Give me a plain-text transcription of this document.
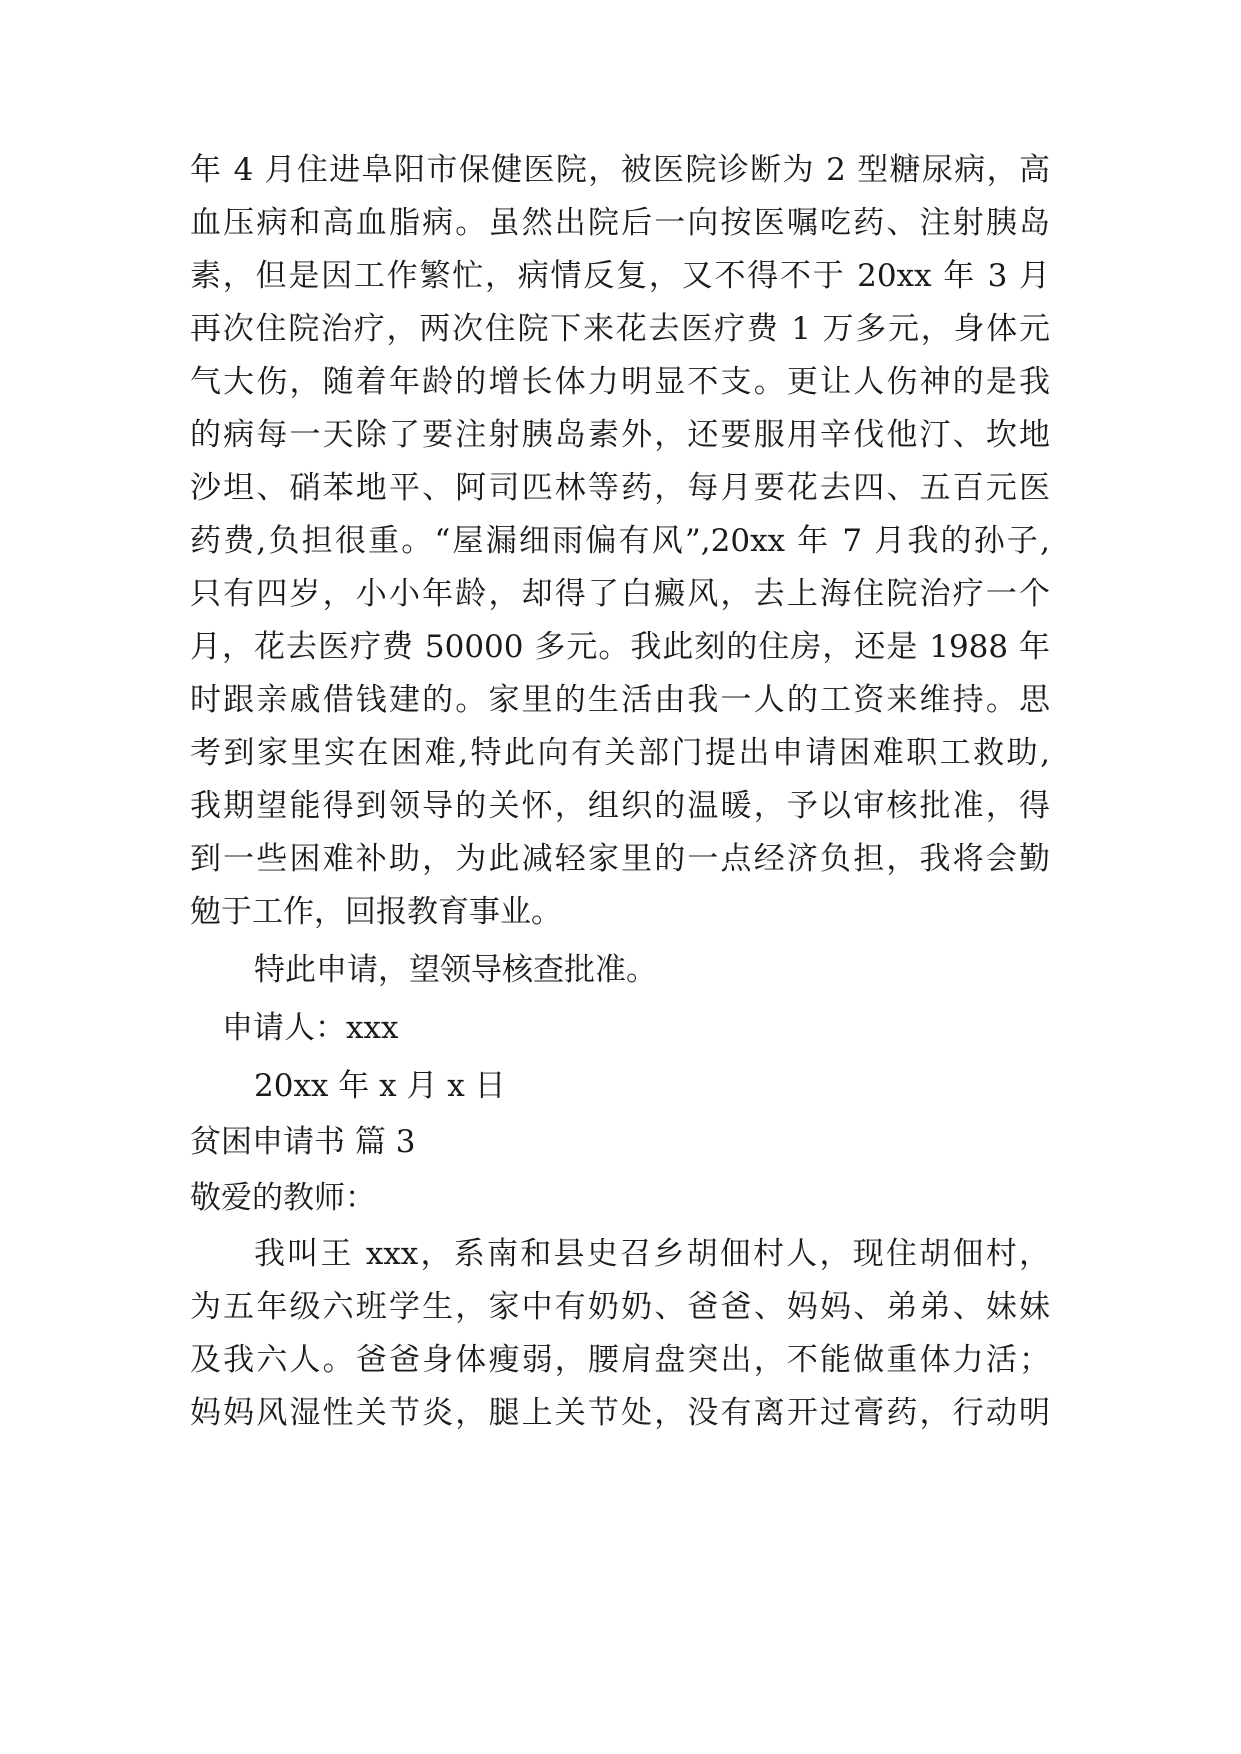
年 4 月住进阜阳市保健医院，被医院诊断为 2 型糖尿病，高
血压病和高血脂病。虽然出院后一向按医嘱吃药、注射胰岛
素，但是因工作繁忙，病情反复，又不得不于 20xx 年 3 月
再次住院治疗，两次住院下来花去医疗费 1 万多元，身体元
气大伤，随着年龄的增长体力明显不支。更让人伤神的是我
的病每一天除了要注射胰岛素外，还要服用辛伐他汀、坎地
沙坦、硝苯地平、阿司匹林等药，每月要花去四、五百元医
药费,负担很重。“屋漏细雨偏有风”,20xx 年 7 月我的孙子,
只有四岁，小小年龄，却得了白癜风，去上海住院治疗一个
月，花去医疗费 50000 多元。我此刻的住房，还是 1988 年
时跟亲戚借钱建的。家里的生活由我一人的工资来维持。思
考到家里实在困难,特此向有关部门提出申请困难职工救助,
我期望能得到领导的关怀，组织的温暖，予以审核批准，得
到一些困难补助，为此减轻家里的一点经济负担，我将会勤
勉于工作，回报教育事业。
特此申请，望领导核查批准。
申请人：xxx
20xx 年 x 月 x 日
贫困申请书 篇 3
敬爱的教师：
我叫王 xxx，系南和县史召乡胡佃村人，现住胡佃村，
为五年级六班学生，家中有奶奶、爸爸、妈妈、弟弟、妹妹
及我六人。爸爸身体瘦弱，腰肩盘突出，不能做重体力活；
妈妈风湿性关节炎，腿上关节处，没有离开过膏药，行动明
